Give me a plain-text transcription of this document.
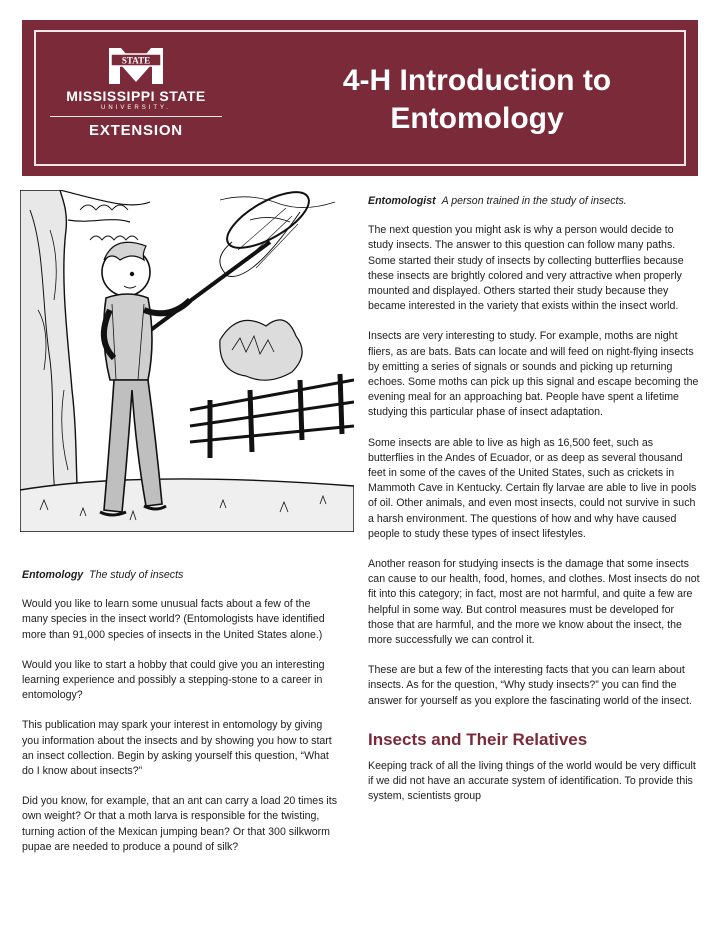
STATE
MISSISSIPPI STATE
UNIVERSITY.
EXTENSION
4-H Introduction to
Entomology

Entomology The study of insects

Would you like to learn some unusual facts about a few of the many species in the insect world? (Entomologists have identified more than 91,000 species of insects in the United States alone.)

Would you like to start a hobby that could give you an interesting learning experience and possibly a stepping-stone to a career in entomology?

This publication may spark your interest in entomology by giving you information about the insects and by showing you how to start an insect collection. Begin by asking yourself this question, “What do I know about insects?”

Did you know, for example, that an ant can carry a load 20 times its own weight? Or that a moth larva is responsible for the twisting, turning action of the Mexican jumping bean? Or that 300 silkworm pupae are needed to produce a pound of silk?

Entomologist A person trained in the study of insects.

The next question you might ask is why a person would decide to study insects. The answer to this question can follow many paths. Some started their study of insects by collecting butterflies because these insects are brightly colored and very attractive when properly mounted and displayed. Others started their study because they became interested in the variety that exists within the insect world.

Insects are very interesting to study. For example, moths are night fliers, as are bats. Bats can locate and will feed on night-flying insects by emitting a series of signals or sounds and picking up returning echoes. Some moths can pick up this signal and escape becoming the evening meal for an approaching bat. People have spent a lifetime studying this particular phase of insect adaptation.

Some insects are able to live as high as 16,500 feet, such as butterflies in the Andes of Ecuador, or as deep as several thousand feet in some of the caves of the United States, such as crickets in Mammoth Cave in Kentucky. Certain fly larvae are able to live in pools of oil. Other animals, and even most insects, could not survive in such a harsh environment. The questions of how and why have caused people to study these types of insect lifestyles.

Another reason for studying insects is the damage that some insects can cause to our health, food, homes, and clothes. Most insects do not fit into this category; in fact, most are not harmful, and quite a few are helpful in some way. But control measures must be developed for those that are harmful, and the more we know about the insect, the more successfully we can control it.

These are but a few of the interesting facts that you can learn about insects. As for the question, “Why study insects?” you can find the answer for yourself as you explore the fascinating world of the insect.

Insects and Their Relatives

Keeping track of all the living things of the world would be very difficult if we did not have an accurate system of identification. To provide this system, scientists group
